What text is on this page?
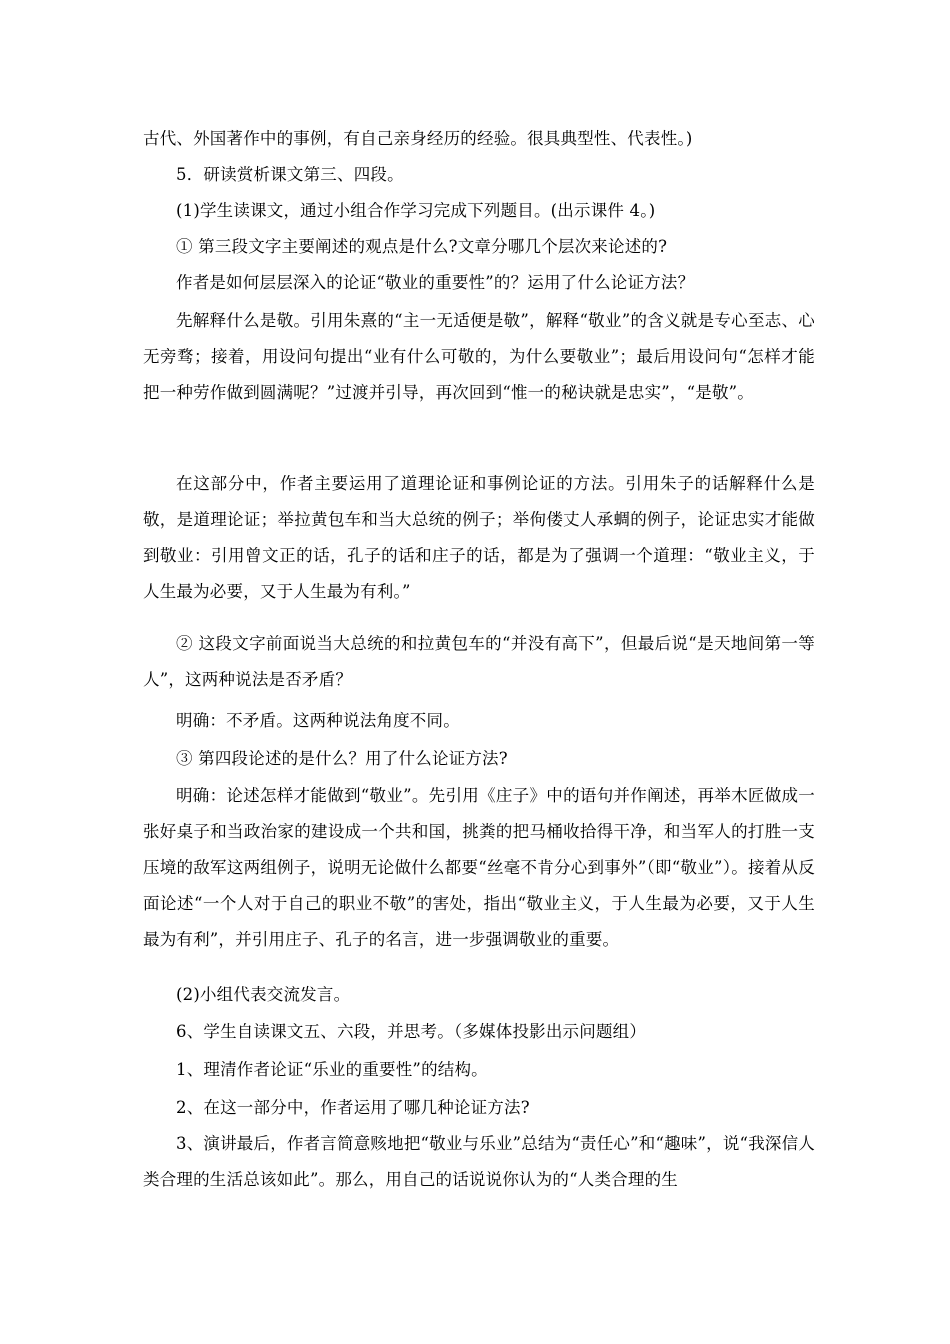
古代、外国著作中的事例，有自己亲身经历的经验。很具典型性、代表性。)

5．研读赏析课文第三、四段。

(1)学生读课文，通过小组合作学习完成下列题目。(出示课件 4。)

① 第三段文字主要阐述的观点是什么?文章分哪几个层次来论述的?

作者是如何层层深入的论证“敬业的重要性”的？运用了什么论证方法？

先解释什么是敬。引用朱熹的“主一无适便是敬”，解释“敬业”的含义就是专心至志、心无旁骛；接着，用设问句提出“业有什么可敬的，为什么要敬业”；最后用设问句“怎样才能把一种劳作做到圆满呢？”过渡并引导，再次回到“惟一的秘诀就是忠实”，“是敬”。

在这部分中，作者主要运用了道理论证和事例论证的方法。引用朱子的话解释什么是敬，是道理论证；举拉黄包车和当大总统的例子；举佝偻丈人承蜩的例子，论证忠实才能做到敬业：引用曾文正的话，孔子的话和庄子的话，都是为了强调一个道理：“敬业主义，于人生最为必要，又于人生最为有利。”

② 这段文字前面说当大总统的和拉黄包车的“并没有高下”，但最后说“是天地间第一等人”，这两种说法是否矛盾？

明确：不矛盾。这两种说法角度不同。

③ 第四段论述的是什么？用了什么论证方法?

明确：论述怎样才能做到“敬业”。先引用《庄子》中的语句并作阐述，再举木匠做成一张好桌子和当政治家的建设成一个共和国，挑粪的把马桶收拾得干净，和当军人的打胜一支压境的敌军这两组例子，说明无论做什么都要“丝毫不肯分心到事外”（即“敬业”）。接着从反面论述“一个人对于自己的职业不敬”的害处，指出“敬业主义，于人生最为必要，又于人生最为有利”，并引用庄子、孔子的名言，进一步强调敬业的重要。

(2)小组代表交流发言。

6、学生自读课文五、六段，并思考。（多媒体投影出示问题组）

1、理清作者论证“乐业的重要性”的结构。

2、在这一部分中，作者运用了哪几种论证方法?

3、演讲最后，作者言简意赅地把“敬业与乐业”总结为“责任心”和“趣味”，说“我深信人类合理的生活总该如此”。那么，用自己的话说说你认为的“人类合理的生
